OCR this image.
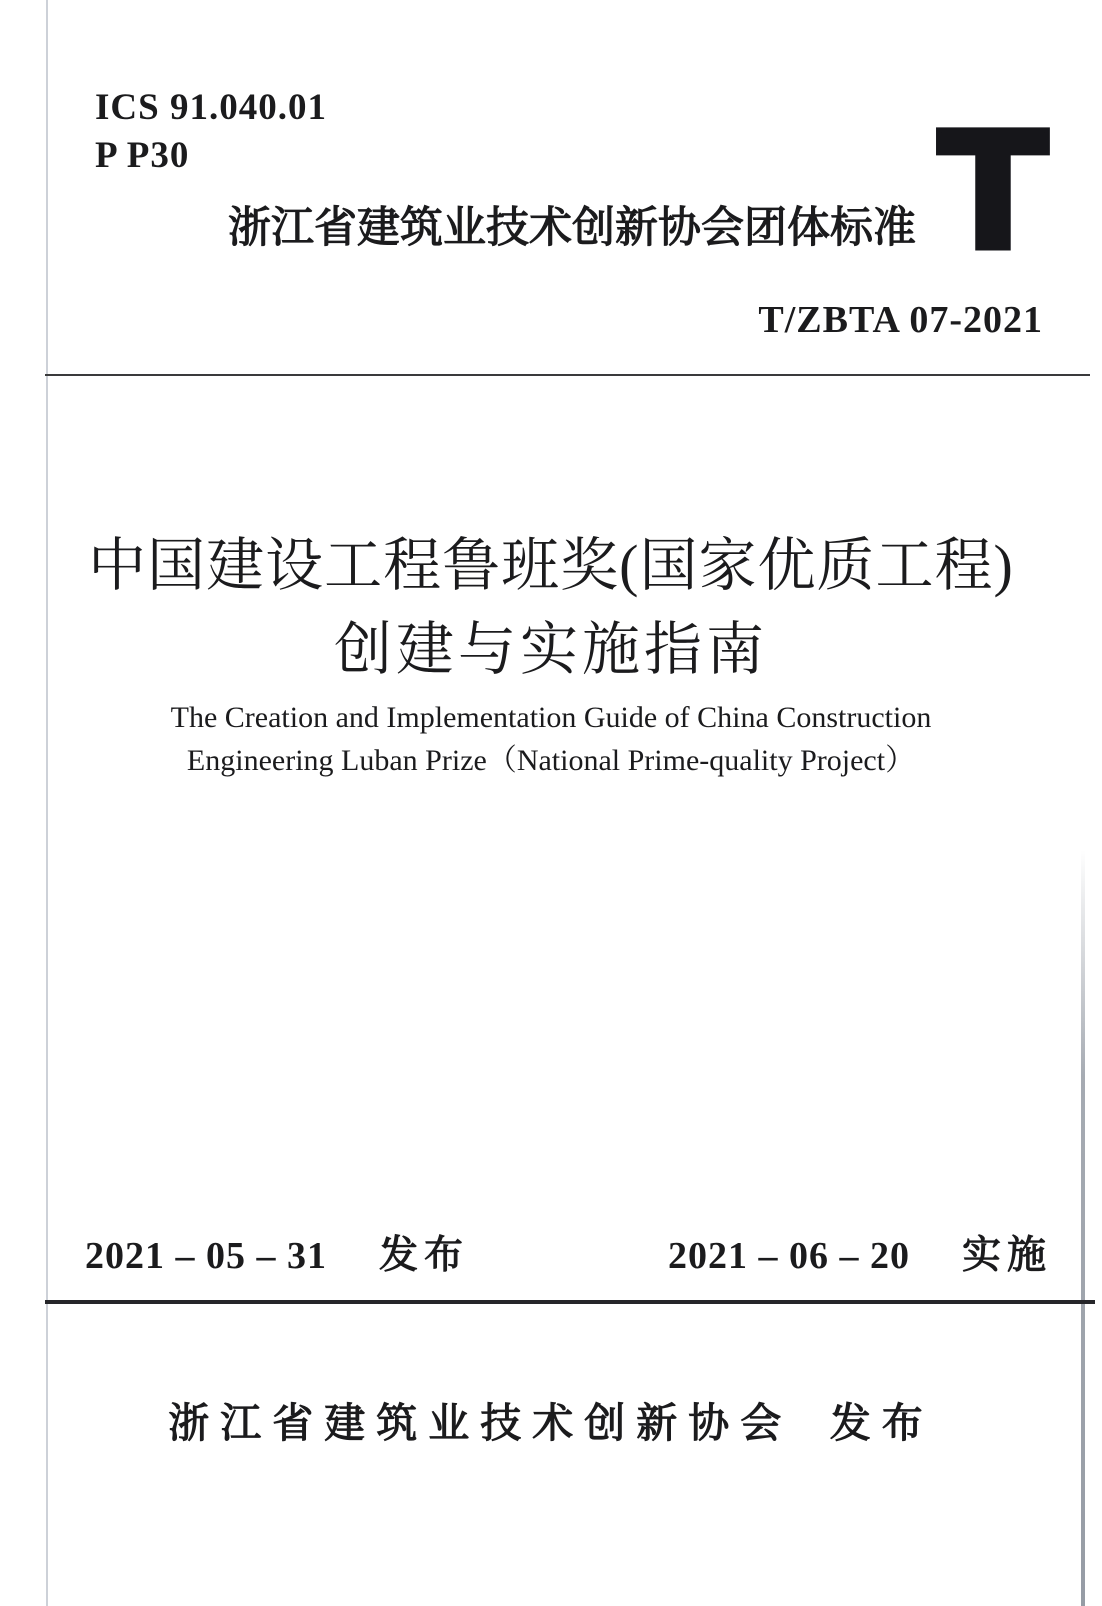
ICS 91.040.01
P P30
浙江省建筑业技术创新协会团体标准 T
T/ZBTA 07-2021
中国建设工程鲁班奖(国家优质工程)
创建与实施指南
The Creation and Implementation Guide of China Construction
Engineering Luban Prize（National Prime-quality Project）
2021 – 05 – 31 发布	2021 – 06 – 20 实施
浙江省建筑业技术创新协会 发布
